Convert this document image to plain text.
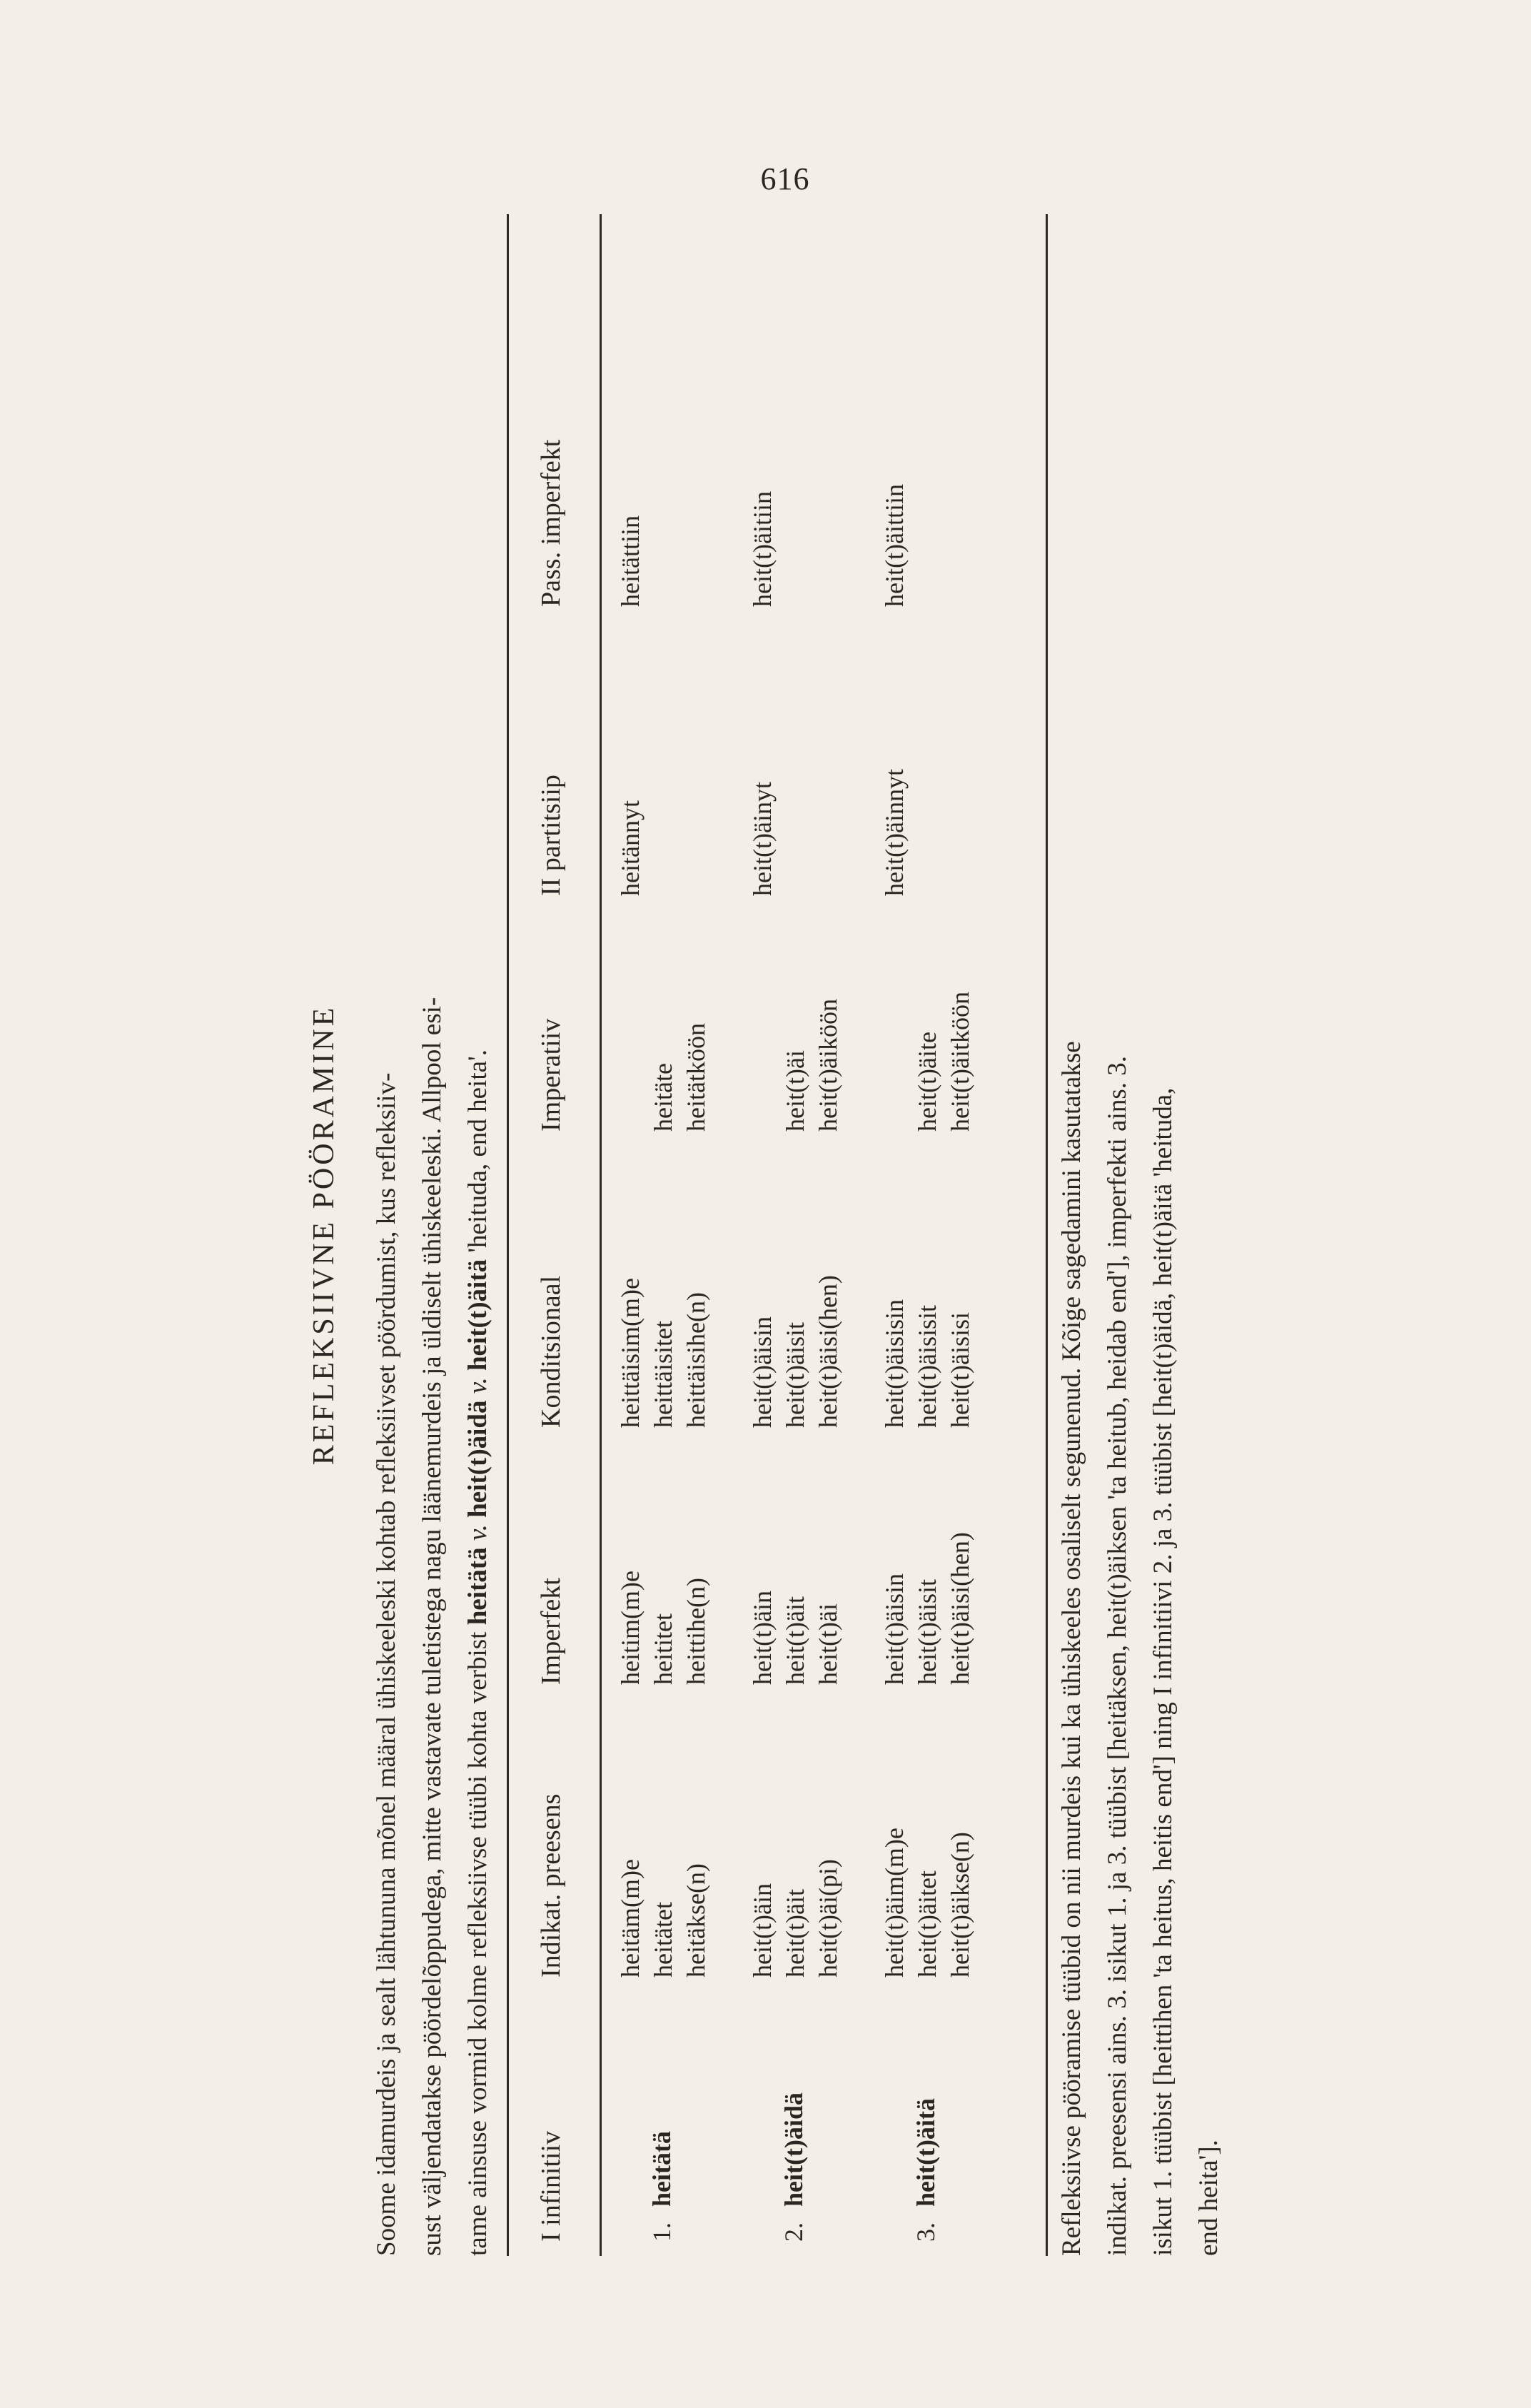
616
REFLEKSIIVNE PÖÖRAMINE Soome idamurdeis ja sealt lähtununa mõnel määral ühiskeeleski kohtab refleksiivset pöördumist, kus refleksiiv- sust väljendatakse pöördelõppudega, mitte vastavate tuletistega nagu läänemurdeis ja üldiselt ühiskeeleski. Allpool esi- tame ainsuse vormid kolme refleksiivse tüübi kohta verbist heitätä v. heit(t)äidä v. heit(t)äitä 'heituda, end heita'.
I infinitiiv
Indikat. preesens
Imperfekt
Konditsionaal
Imperatiiv
II partitsiip
Pass. imperfekt
1.heitätä
heitäm(m)e heitätet heitäkse(n)
heitim(m)e heititet heittihe(n)
heittäisim(m)e heittäisitet heittäisihe(n)

heitäte heitätköön
heitännyt
heitättiin
2.heit(t)äidä
heit(t)äin heit(t)äit heit(t)äi(pi)
heit(t)äin heit(t)äit heit(t)äi
heit(t)äisin heit(t)äisit heit(t)äisi(hen)

heit(t)äi heit(t)äiköön
heit(t)äinyt
heit(t)äitiin
3.heit(t)äitä
heit(t)äim(m)e heit(t)äitet heit(t)äikse(n)
heit(t)äisin heit(t)äisit heit(t)äisi(hen)
heit(t)äisisin heit(t)äisisit heit(t)äisisi

heit(t)äite heit(t)äitköön
heit(t)äinnyt
heit(t)äittiin
Refleksiivse pööramise tüübid on nii murdeis kui ka ühiskeeles osaliselt segunenud. Kõige sagedamini kasutatakse indikat. preesensi ains. 3. isikut 1. ja 3. tüübist [heitäksen, heit(t)äiksen 'ta heitub, heidab end'], imperfekti ains. 3. isikut 1. tüübist [heittihen 'ta heitus, heitis end'] ning I infinitiivi 2. ja 3. tüübist [heit(t)äidä, heit(t)äitä 'heituda, end heita'].
